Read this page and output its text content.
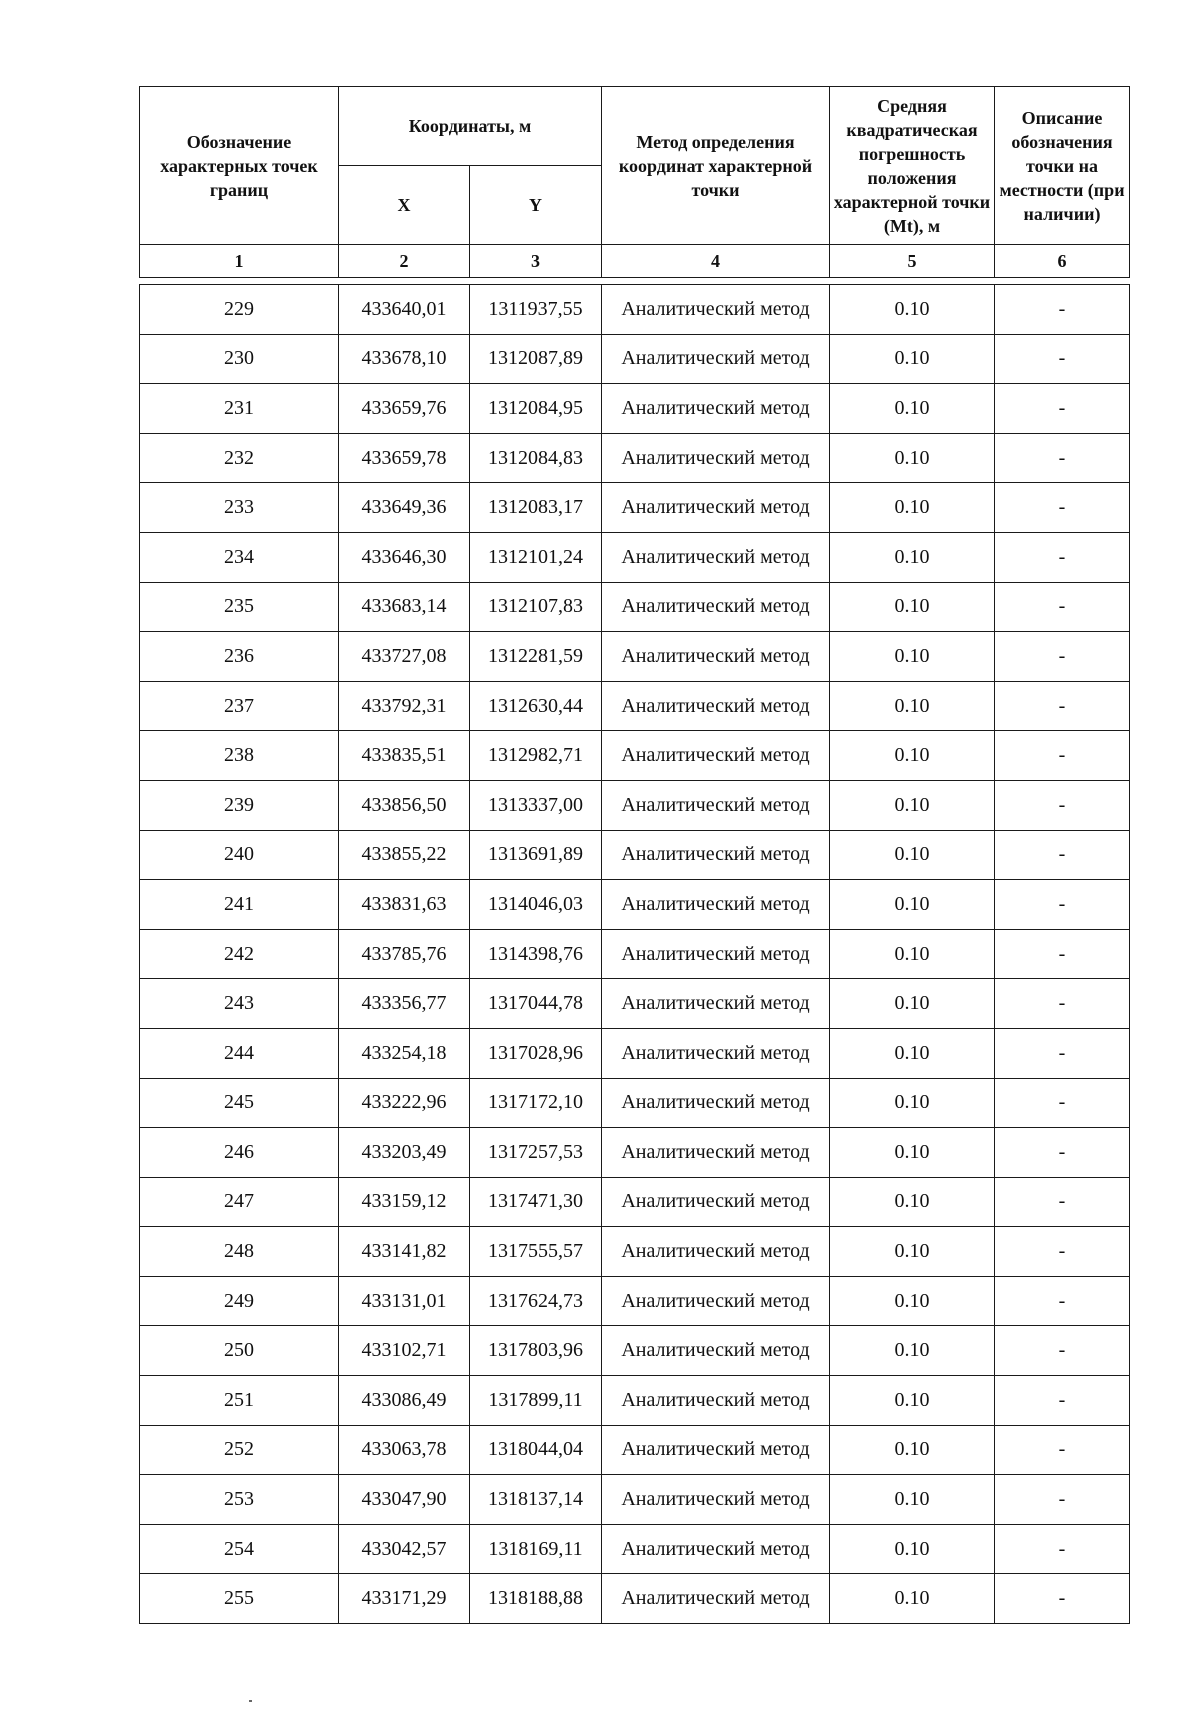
Обозначение характерных точек границ	Координаты, м		Метод определения координат характерной точки	Средняя квадратическая погрешность положения характерной точки (Mt), м	Описание обозначения точки на местности (при наличии)
	X	Y			
1	2	3	4	5	6

229	433640,01	1311937,55	Аналитический метод	0.10	-
230	433678,10	1312087,89	Аналитический метод	0.10	-
231	433659,76	1312084,95	Аналитический метод	0.10	-
232	433659,78	1312084,83	Аналитический метод	0.10	-
233	433649,36	1312083,17	Аналитический метод	0.10	-
234	433646,30	1312101,24	Аналитический метод	0.10	-
235	433683,14	1312107,83	Аналитический метод	0.10	-
236	433727,08	1312281,59	Аналитический метод	0.10	-
237	433792,31	1312630,44	Аналитический метод	0.10	-
238	433835,51	1312982,71	Аналитический метод	0.10	-
239	433856,50	1313337,00	Аналитический метод	0.10	-
240	433855,22	1313691,89	Аналитический метод	0.10	-
241	433831,63	1314046,03	Аналитический метод	0.10	-
242	433785,76	1314398,76	Аналитический метод	0.10	-
243	433356,77	1317044,78	Аналитический метод	0.10	-
244	433254,18	1317028,96	Аналитический метод	0.10	-
245	433222,96	1317172,10	Аналитический метод	0.10	-
246	433203,49	1317257,53	Аналитический метод	0.10	-
247	433159,12	1317471,30	Аналитический метод	0.10	-
248	433141,82	1317555,57	Аналитический метод	0.10	-
249	433131,01	1317624,73	Аналитический метод	0.10	-
250	433102,71	1317803,96	Аналитический метод	0.10	-
251	433086,49	1317899,11	Аналитический метод	0.10	-
252	433063,78	1318044,04	Аналитический метод	0.10	-
253	433047,90	1318137,14	Аналитический метод	0.10	-
254	433042,57	1318169,11	Аналитический метод	0.10	-
255	433171,29	1318188,88	Аналитический метод	0.10	-
